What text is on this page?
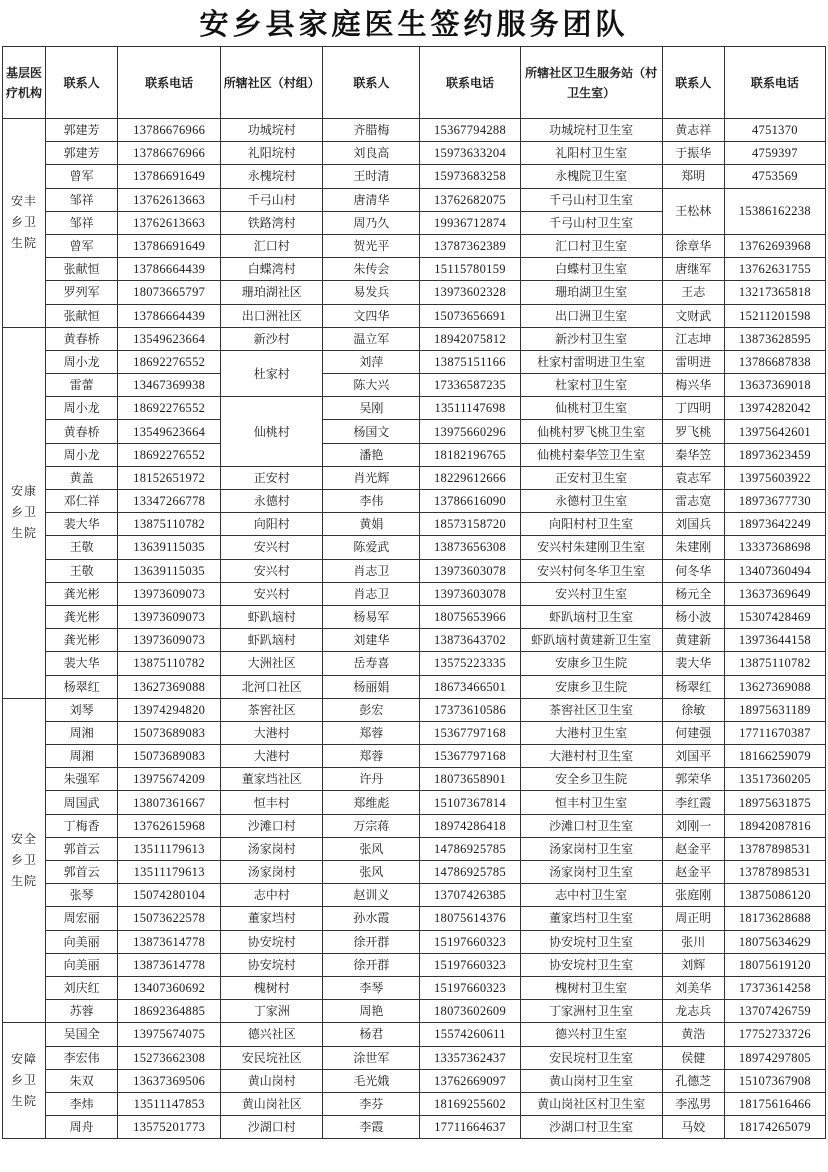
安乡县家庭医生签约服务团队
基层医疗机构	联系人	联系电话	所辖社区（村组）	联系人	联系电话	所辖社区卫生服务站（村卫生室）	联系人	联系电话
安丰乡卫生院	郭建芳	13786676966	功城垸村	齐腊梅	15367794288	功城垸村卫生室	黄志祥	4751370
	郭建芳	13786676966	礼阳垸村	刘良高	15973633204	礼阳村卫生室	于振华	4759397
	曾军	13786691649	永槐垸村	王时清	15973683258	永槐院卫生室	郑明	4753569
	邹祥	13762613663	千弓山村	唐清华	13762682075	千弓山村卫生室	王松林	15386162238
	邹祥	13762613663	铁路湾村	周乃久	19936712874	千弓山村卫生室		
	曾军	13786691649	汇口村	贺光平	13787362389	汇口村卫生室	徐章华	13762693968
	张献恒	13786664439	白蝶湾村	朱传会	15115780159	白蝶村卫生室	唐继军	13762631755
	罗列军	18073665797	珊珀湖社区	易发兵	13973602328	珊珀湖卫生室	王志	13217365818
	张献恒	13786664439	出口洲社区	文四华	15073656691	出口洲卫生室	文财武	15211201598
安康乡卫生院	黄春桥	13549623664	新沙村	温立军	18942075812	新沙村卫生室	江志坤	13873628595
	周小龙	18692276552	杜家村	刘萍	13875151166	杜家村雷明进卫生室	雷明进	13786687838
	雷蕾	13467369938		陈大兴	17336587235	杜家村卫生室	梅兴华	13637369018
	周小龙	18692276552	仙桃村	吴刚	13511147698	仙桃村卫生室	丁四明	13974282042
	黄春桥	13549623664		杨国文	13975660296	仙桃村罗飞桃卫生室	罗飞桃	13975642601
	周小龙	18692276552		潘艳	18182196765	仙桃村秦华笠卫生室	秦华笠	18973623459
	黄盖	18152651972	正安村	肖光辉	18229612666	正安村卫生室	袁志军	13975603922
	邓仁祥	13347266778	永德村	李伟	13786616090	永德村卫生室	雷志宽	18973677730
	裴大华	13875110782	向阳村	黄娟	18573158720	向阳村村卫生室	刘国兵	18973642249
	王敬	13639115035	安兴村	陈爱武	13873656308	安兴村朱建刚卫生室	朱建刚	13337368698
	王敬	13639115035	安兴村	肖志卫	13973603078	安兴村何冬华卫生室	何冬华	13407360494
	龚光彬	13973609073	安兴村	肖志卫	13973603078	安兴村卫生室	杨元全	13637369649
	龚光彬	13973609073	虾趴垴村	杨易军	18075653966	虾趴垴村卫生室	杨小波	15307428469
	龚光彬	13973609073	虾趴垴村	刘建华	13873643702	虾趴垴村黄建新卫生室	黄建新	13973644158
	裴大华	13875110782	大洲社区	岳寿喜	13575223335	安康乡卫生院	裴大华	13875110782
	杨翠红	13627369088	北河口社区	杨丽娟	18673466501	安康乡卫生院	杨翠红	13627369088
安全乡卫生院	刘琴	13974294820	茶窖社区	彭宏	17373610586	茶窖社区卫生室	徐敏	18975631189
	周湘	15073689083	大港村	郑蓉	15367797168	大港村卫生室	何建强	17711670387
	周湘	15073689083	大港村	郑蓉	15367797168	大港村村卫生室	刘国平	18166259079
	朱强军	13975674209	董家垱社区	许丹	18073658901	安全乡卫生院	郭荣华	13517360205
	周国武	13807361667	恒丰村	郑维彪	15107367814	恒丰村卫生室	李红霞	18975631875
	丁梅香	13762615968	沙滩口村	万宗蒋	18974286418	沙滩口村卫生室	刘刚一	18942087816
	郭首云	13511179613	汤家岗村	张风	14786925785	汤家岗村卫生室	赵金平	13787898531
	郭首云	13511179613	汤家岗村	张风	14786925785	汤家岗村卫生室	赵金平	13787898531
	张琴	15074280104	志中村	赵训义	13707426385	志中村卫生室	张庭刚	13875086120
	周宏丽	15073622578	董家垱村	孙水霞	18075614376	董家垱村卫生室	周正明	18173628688
	向美丽	13873614778	协安垸村	徐开群	15197660323	协安垸村卫生室	张川	18075634629
	向美丽	13873614778	协安垸村	徐开群	15197660323	协安垸村卫生室	刘辉	18075619120
	刘庆红	13407360692	槐树村	李琴	15197660323	槐树村卫生室	刘美华	17373614258
	苏蓉	18692364885	丁家洲	周艳	18073602609	丁家洲村卫生室	龙志兵	13707426759
安障乡卫生院	吴国全	13975674075	德兴社区	杨君	15574260611	德兴村卫生室	黄浩	17752733726
	李宏伟	15273662308	安民垸社区	涂世军	13357362437	安民垸村卫生室	侯健	18974297805
	朱双	13637369506	黄山岗村	毛光娥	13762669097	黄山岗村卫生室	孔德芝	15107367908
	李炜	13511147853	黄山岗社区	李芬	18169255602	黄山岗社区村卫生室	李泓男	18175616466
	周舟	13575201773	沙湖口村	李霞	17711664637	沙湖口村卫生室	马姣	18174265079
